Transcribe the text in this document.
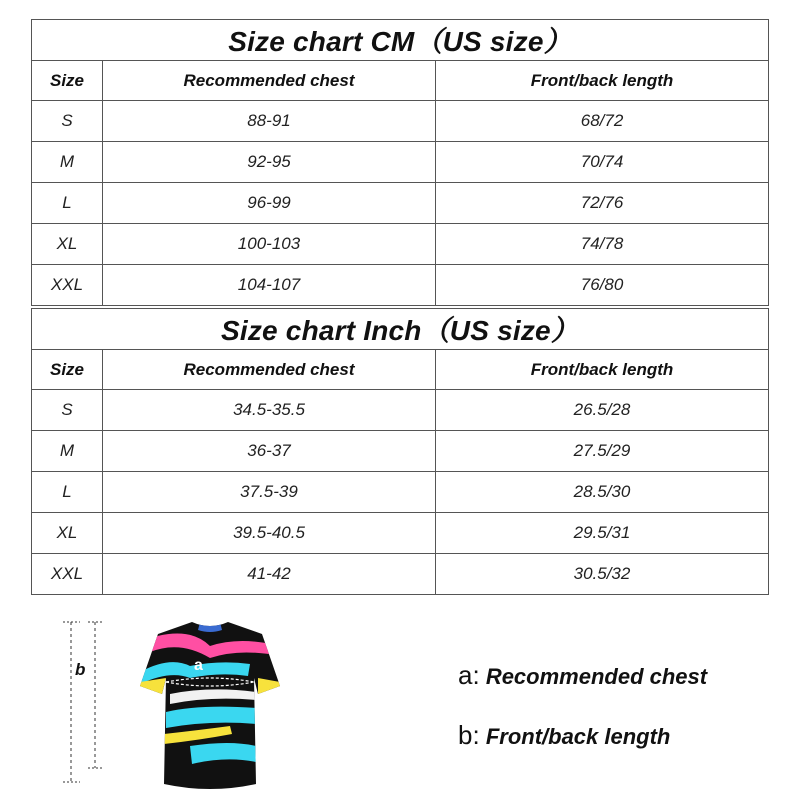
Size chart CM（US size）		
Size	Recommended chest	Front/back length
S	88-91	68/72
M	92-95	70/74
L	96-99	72/76
XL	100-103	74/78
XXL	104-107	76/80
Size chart Inch（US size）		
Size	Recommended chest	Front/back length
S	34.5-35.5	26.5/28
M	36-37	27.5/29
L	37.5-39	28.5/30
XL	39.5-40.5	29.5/31
XXL	41-42	30.5/32
b	a	a: Recommended chest
b: Front/back length
